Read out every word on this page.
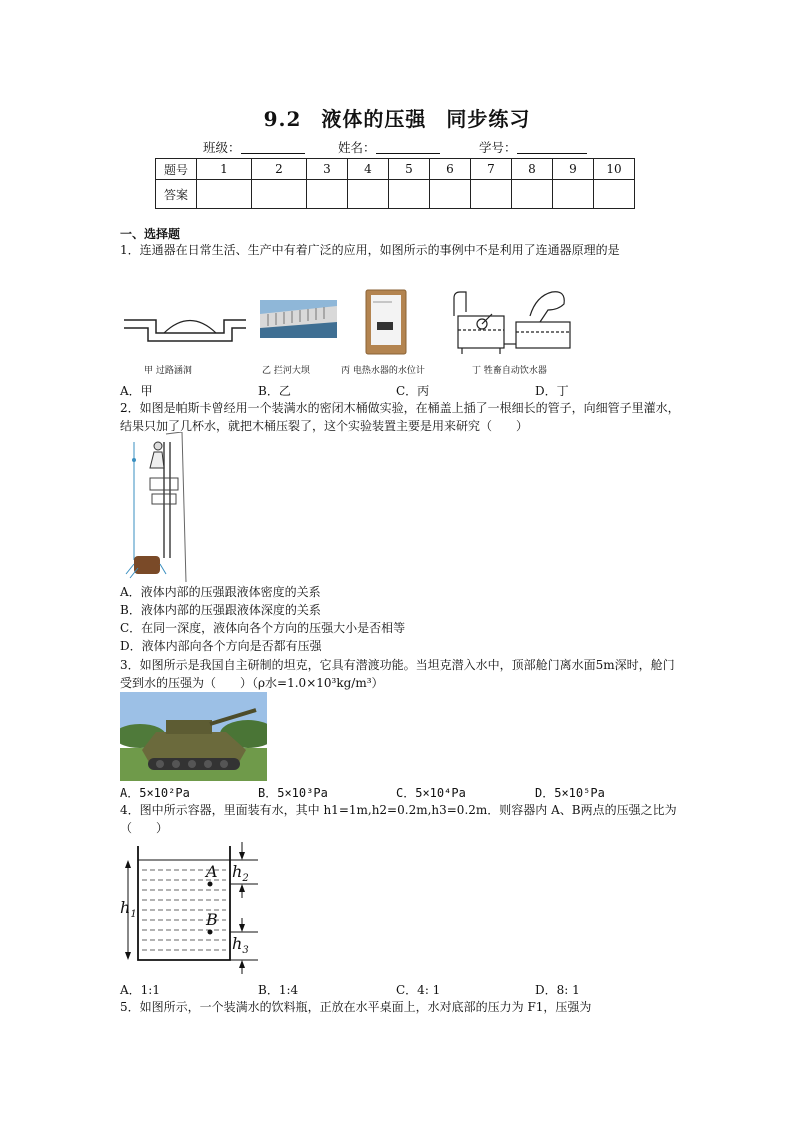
9.2 液体的压强 同步练习
班级：	姓名：	学号：
题号	1	2	3	4	5	6	7	8	9	10
答案										
一、选择题
1．连通器在日常生活、生产中有着广泛的应用，如图所示的事例中不是利用了连通器原理的是
甲 过路涵洞	乙 拦河大坝	丙 电热水器的水位计	丁 牲畜自动饮水器
A．甲	B．乙	C．丙	D．丁
2．如图是帕斯卡曾经用一个装满水的密闭木桶做实验，在桶盖上插了一根细长的管子，向细管子里灌水，结果只加了几杯水，就把木桶压裂了，这个实验装置主要是用来研究（　　）
A．液体内部的压强跟液体密度的关系
B．液体内部的压强跟液体深度的关系
C．在同一深度，液体向各个方向的压强大小是否相等
D．液体内部向各个方向是否都有压强
3．如图所示是我国自主研制的坦克，它具有潜渡功能。当坦克潜入水中，顶部舱门离水面5m深时，舱门受到水的压强为（　　）（ρ水=1.0×10³kg/m³）
A．5×10²Pa	B．5×10³Pa	C．5×10⁴Pa	D．5×10⁵Pa
4．图中所示容器，里面装有水，其中 h1=1m,h2=0.2m,h3=0.2m．则容器内 A、B两点的压强之比为（　　）
A
B
$h_1$
$h_2$
$h_3$
A．1:1	B．1:4	C．4: 1	D．8: 1
5．如图所示，一个装满水的饮料瓶，正放在水平桌面上，水对底部的压力为 F1，压强为
